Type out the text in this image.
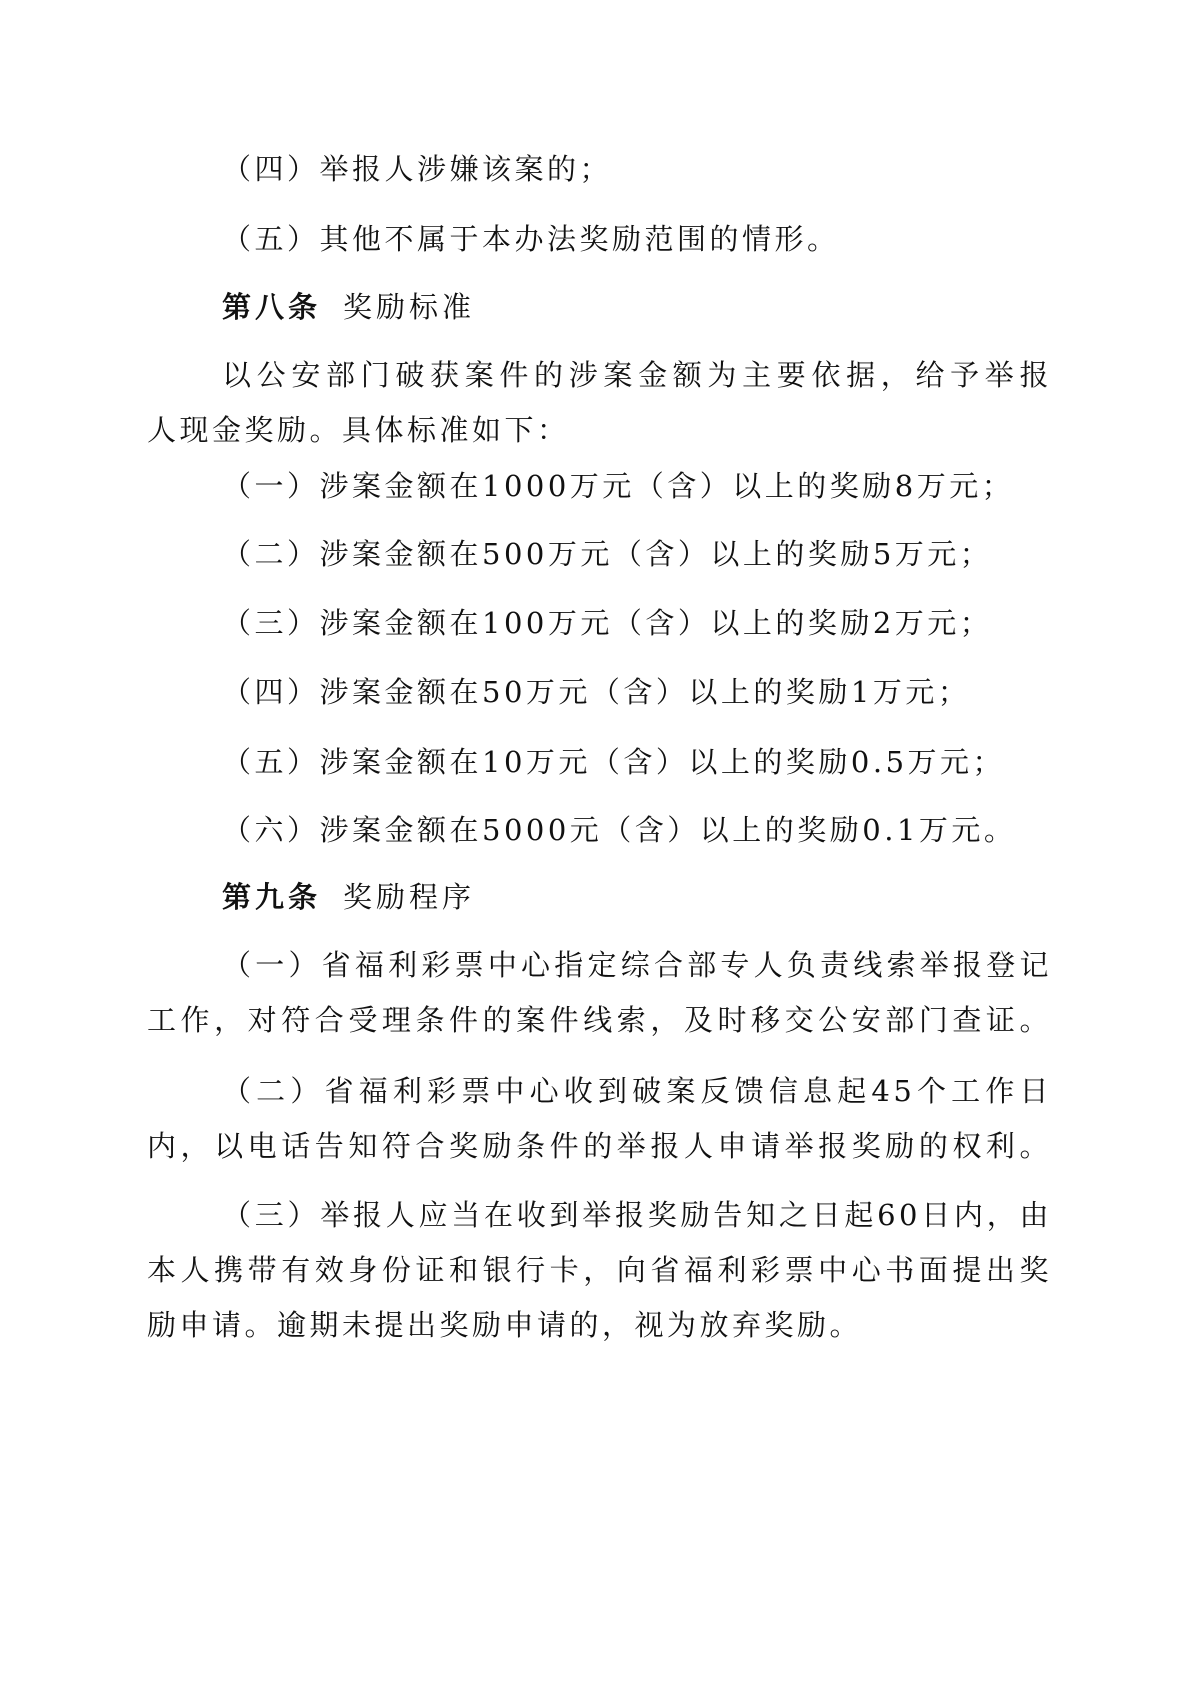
（四）举报人涉嫌该案的；
（五）其他不属于本办法奖励范围的情形。
第八条 奖励标准
以公安部门破获案件的涉案金额为主要依据，给予举报
人现金奖励。具体标准如下：
（一）涉案金额在1000万元（含）以上的奖励8万元；
（二）涉案金额在500万元（含）以上的奖励5万元；
（三）涉案金额在100万元（含）以上的奖励2万元；
（四）涉案金额在50万元（含）以上的奖励1万元；
（五）涉案金额在10万元（含）以上的奖励0.5万元；
（六）涉案金额在5000元（含）以上的奖励0.1万元。
第九条 奖励程序
（一）省福利彩票中心指定综合部专人负责线索举报登记
工作，对符合受理条件的案件线索，及时移交公安部门查证。
（二）省福利彩票中心收到破案反馈信息起45个工作日
内，以电话告知符合奖励条件的举报人申请举报奖励的权利。
（三）举报人应当在收到举报奖励告知之日起60日内，由
本人携带有效身份证和银行卡，向省福利彩票中心书面提出奖
励申请。逾期未提出奖励申请的，视为放弃奖励。
